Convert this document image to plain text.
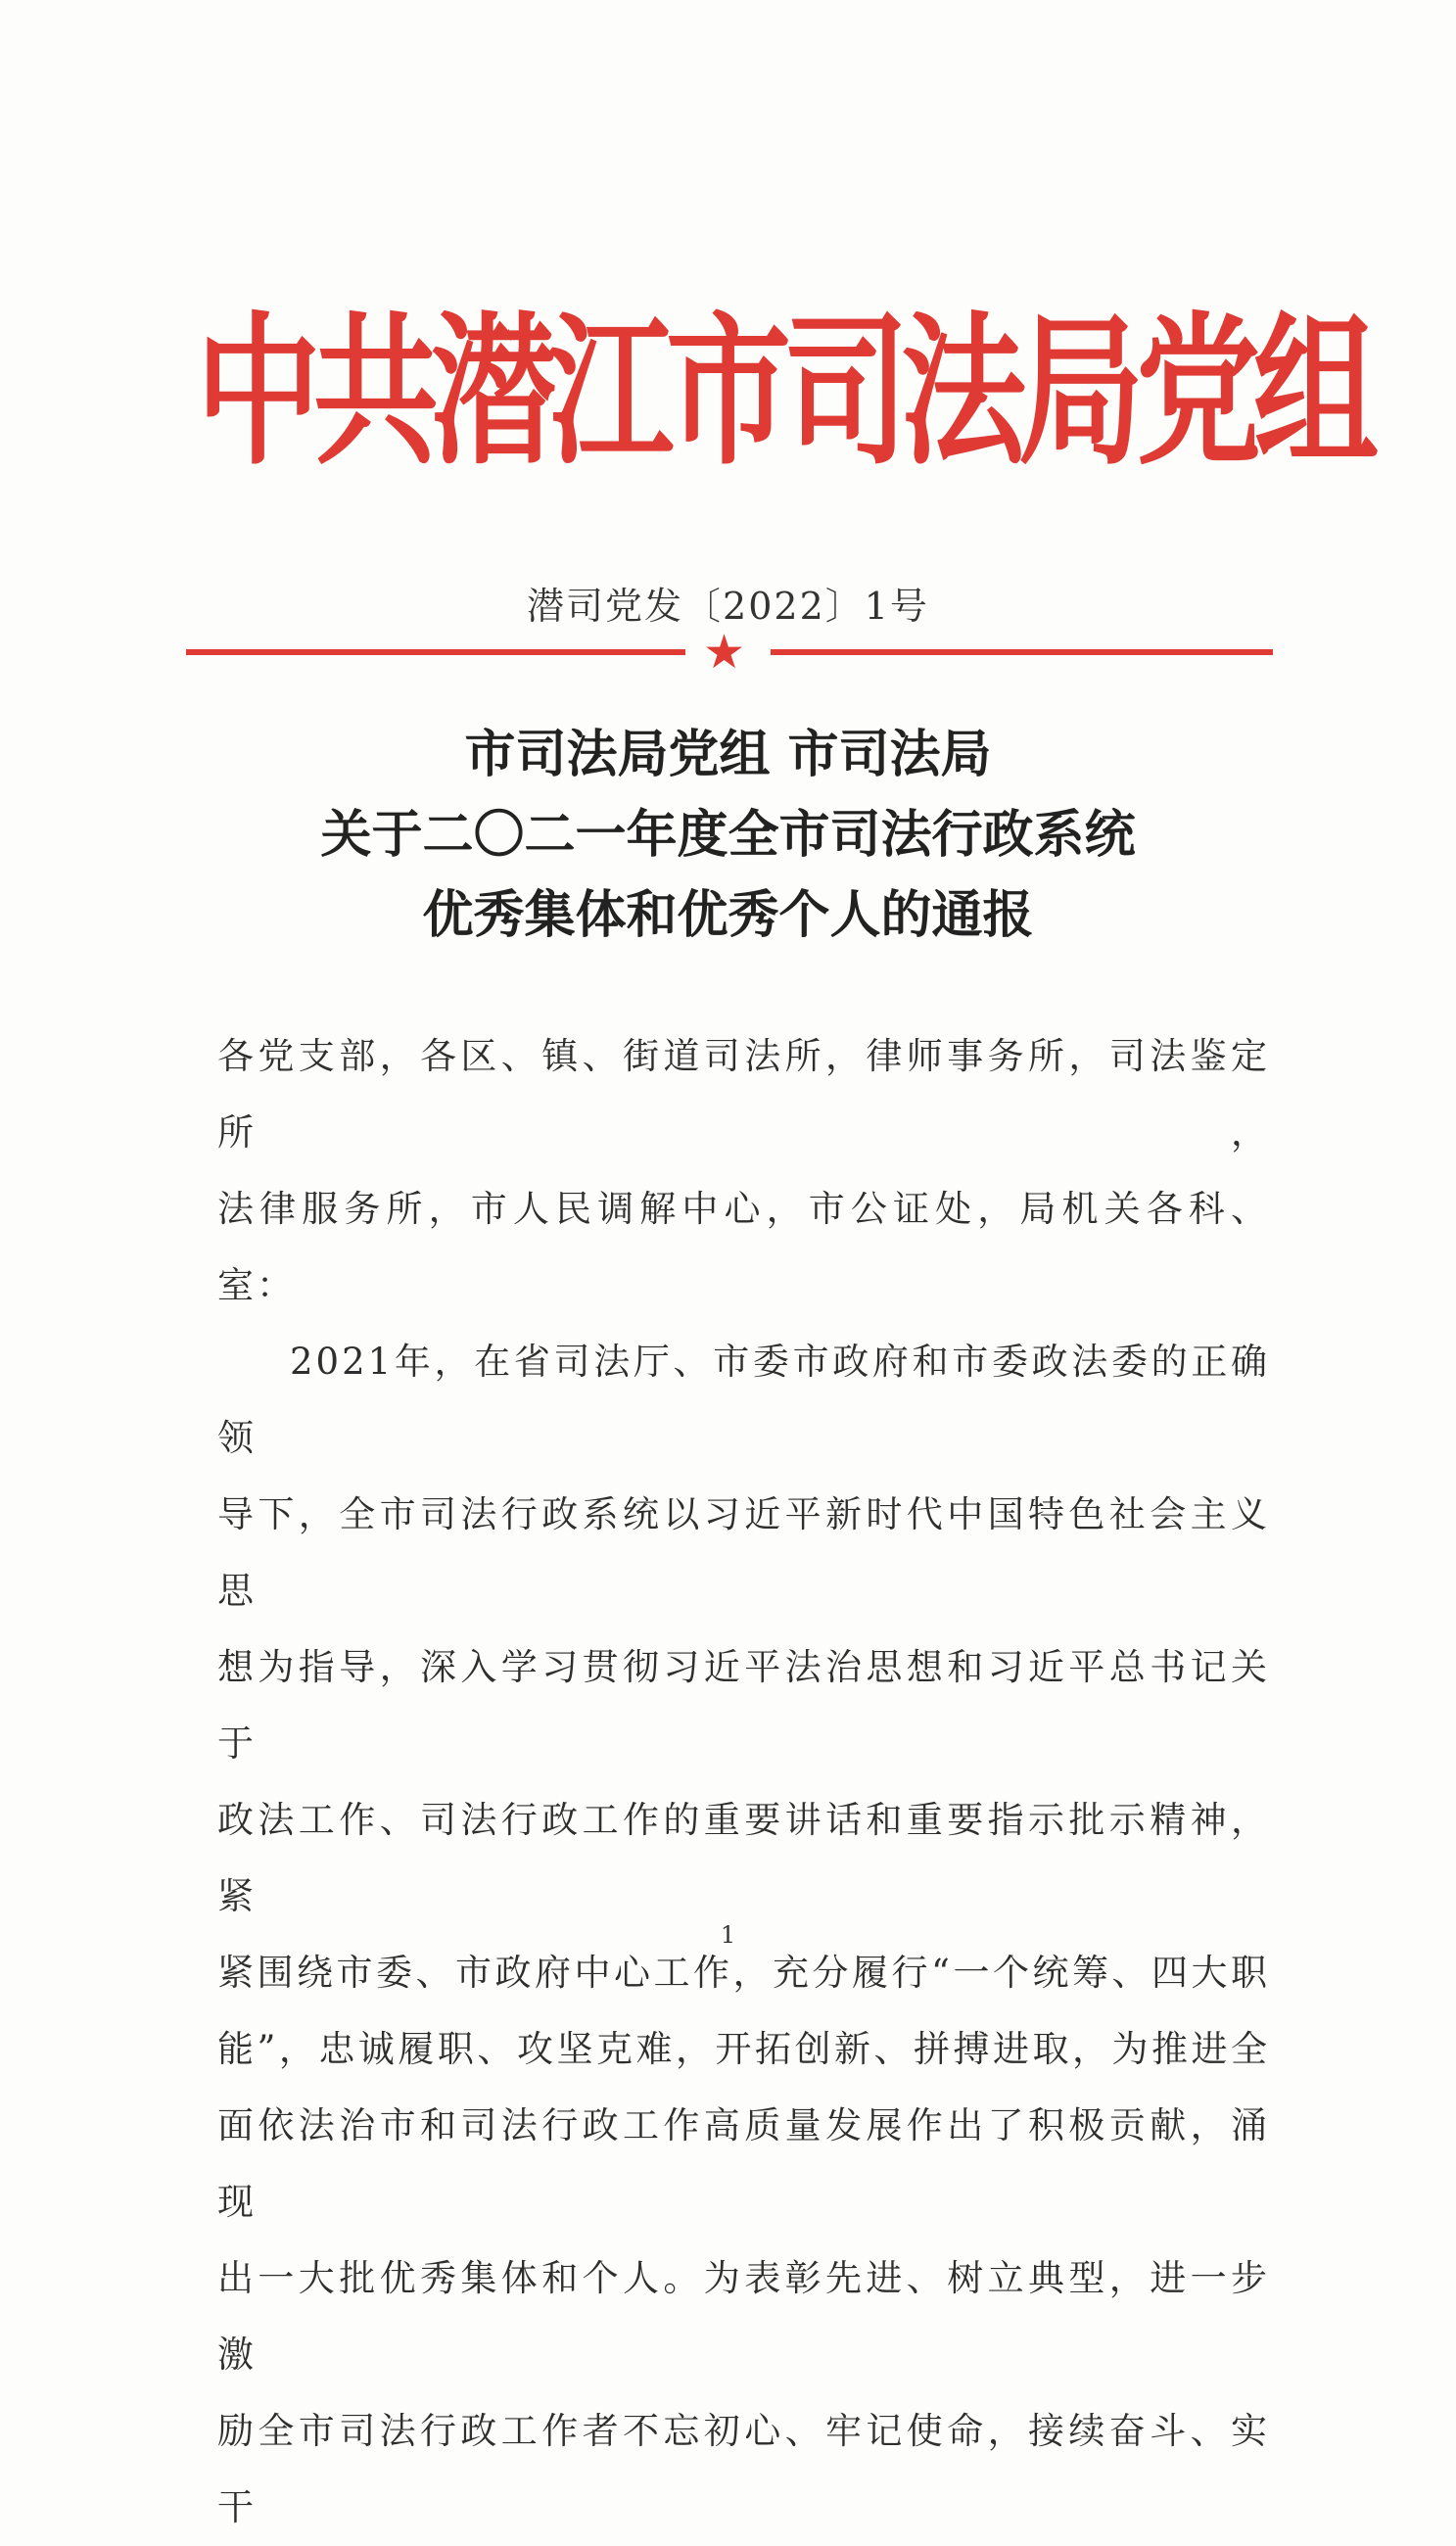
中共潜江市司法局党组
潜司党发〔2022〕1号
★
市司法局党组 市司法局
关于二〇二一年度全市司法行政系统
优秀集体和优秀个人的通报

各党支部，各区、镇、街道司法所，律师事务所，司法鉴定所，

法律服务所，市人民调解中心，市公证处，局机关各科、室：

2021年，在省司法厅、市委市政府和市委政法委的正确领

导下，全市司法行政系统以习近平新时代中国特色社会主义思

想为指导，深入学习贯彻习近平法治思想和习近平总书记关于

政法工作、司法行政工作的重要讲话和重要指示批示精神，紧

紧围绕市委、市政府中心工作，充分履行“一个统筹、四大职

能”，忠诚履职、攻坚克难，开拓创新、拼搏进取，为推进全

面依法治市和司法行政工作高质量发展作出了积极贡献，涌现

出一大批优秀集体和个人。为表彰先进、树立典型，进一步激

励全市司法行政工作者不忘初心、牢记使命，接续奋斗、实干

1
